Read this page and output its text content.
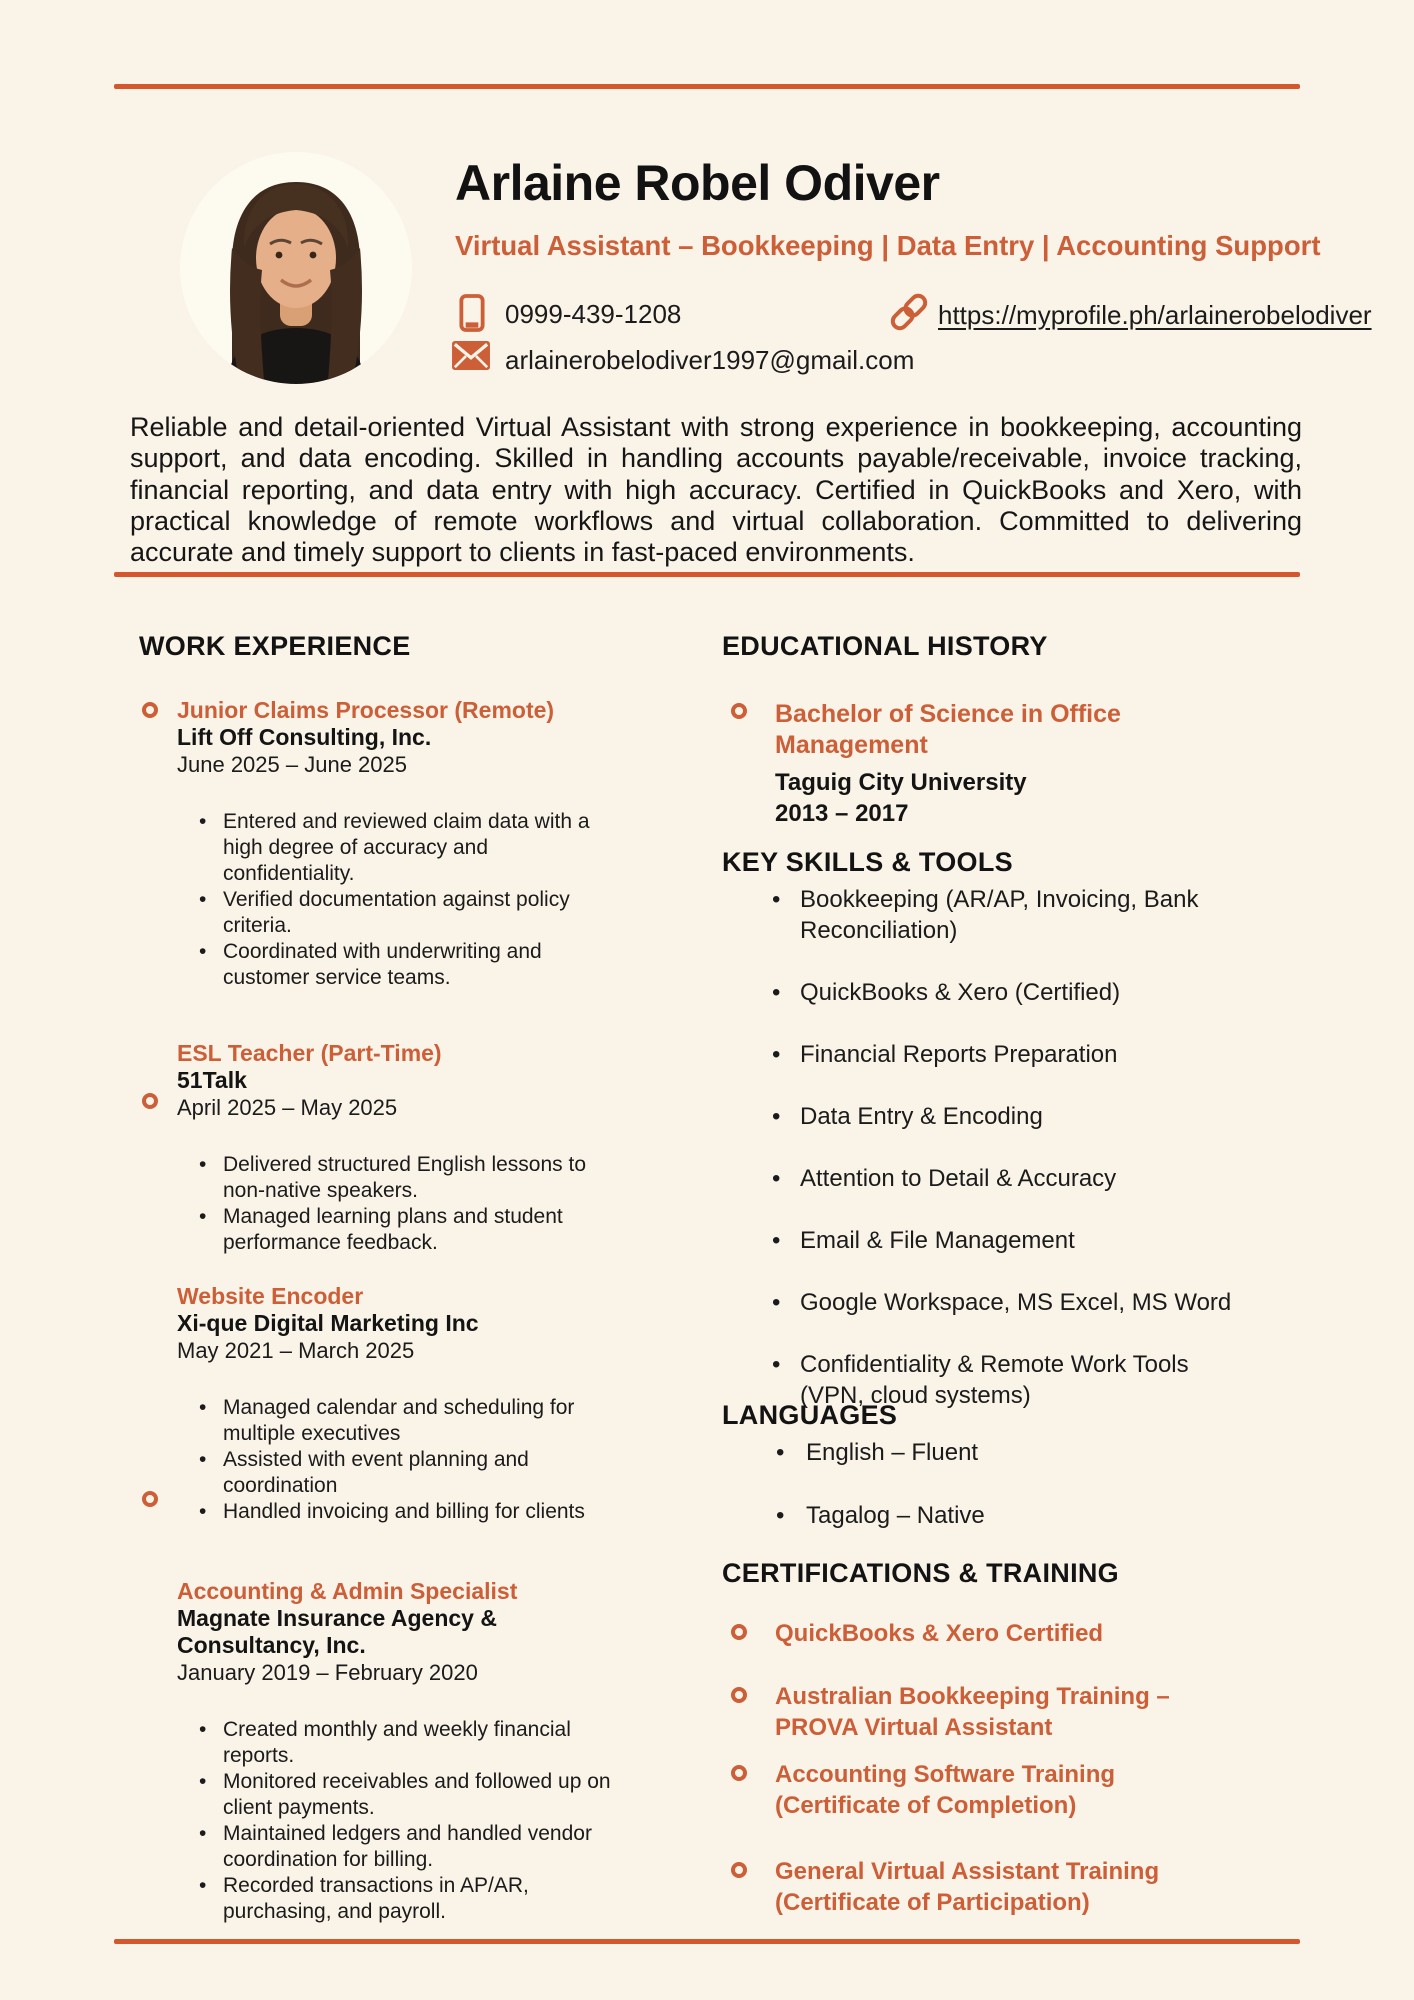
Arlaine Robel Odiver
Virtual Assistant – Bookkeeping | Data Entry | Accounting Support
0999-439-1208	https://myprofile.ph/arlainerobelodiver
arlainerobelodiver1997@gmail.com

Reliable and detail-oriented Virtual Assistant with strong experience in bookkeeping, accounting support, and data encoding. Skilled in handling accounts payable/receivable, invoice tracking, financial reporting, and data entry with high accuracy. Certified in QuickBooks and Xero, with practical knowledge of remote workflows and virtual collaboration. Committed to delivering accurate and timely support to clients in fast-paced environments.

WORK EXPERIENCE
Junior Claims Processor (Remote)
Lift Off Consulting, Inc.
June 2025 – June 2025
• Entered and reviewed claim data with a high degree of accuracy and confidentiality.
• Verified documentation against policy criteria.
• Coordinated with underwriting and customer service teams.
ESL Teacher (Part-Time)
51Talk
April 2025 – May 2025
• Delivered structured English lessons to non-native speakers.
• Managed learning plans and student performance feedback.
Website Encoder
Xi-que Digital Marketing Inc
May 2021 – March 2025
• Managed calendar and scheduling for multiple executives
• Assisted with event planning and coordination
• Handled invoicing and billing for clients
Accounting & Admin Specialist
Magnate Insurance Agency & Consultancy, Inc.
January 2019 – February 2020
• Created monthly and weekly financial reports.
• Monitored receivables and followed up on client payments.
• Maintained ledgers and handled vendor coordination for billing.
• Recorded transactions in AP/AR, purchasing, and payroll.
EDUCATIONAL HISTORY
Bachelor of Science in Office Management
Taguig City University
2013 – 2017
KEY SKILLS & TOOLS
• Bookkeeping (AR/AP, Invoicing, Bank
Reconciliation)
• QuickBooks & Xero (Certified)
• Financial Reports Preparation
• Data Entry & Encoding
• Attention to Detail & Accuracy
• Email & File Management
• Google Workspace, MS Excel, MS Word
• Confidentiality & Remote Work Tools
(VPN, cloud systems)
LANGUAGES
• English – Fluent
• Tagalog – Native
CERTIFICATIONS & TRAINING
QuickBooks & Xero Certified
Australian Bookkeeping Training –
PROVA Virtual Assistant
Accounting Software Training
(Certificate of Completion)
General Virtual Assistant Training
(Certificate of Participation)
